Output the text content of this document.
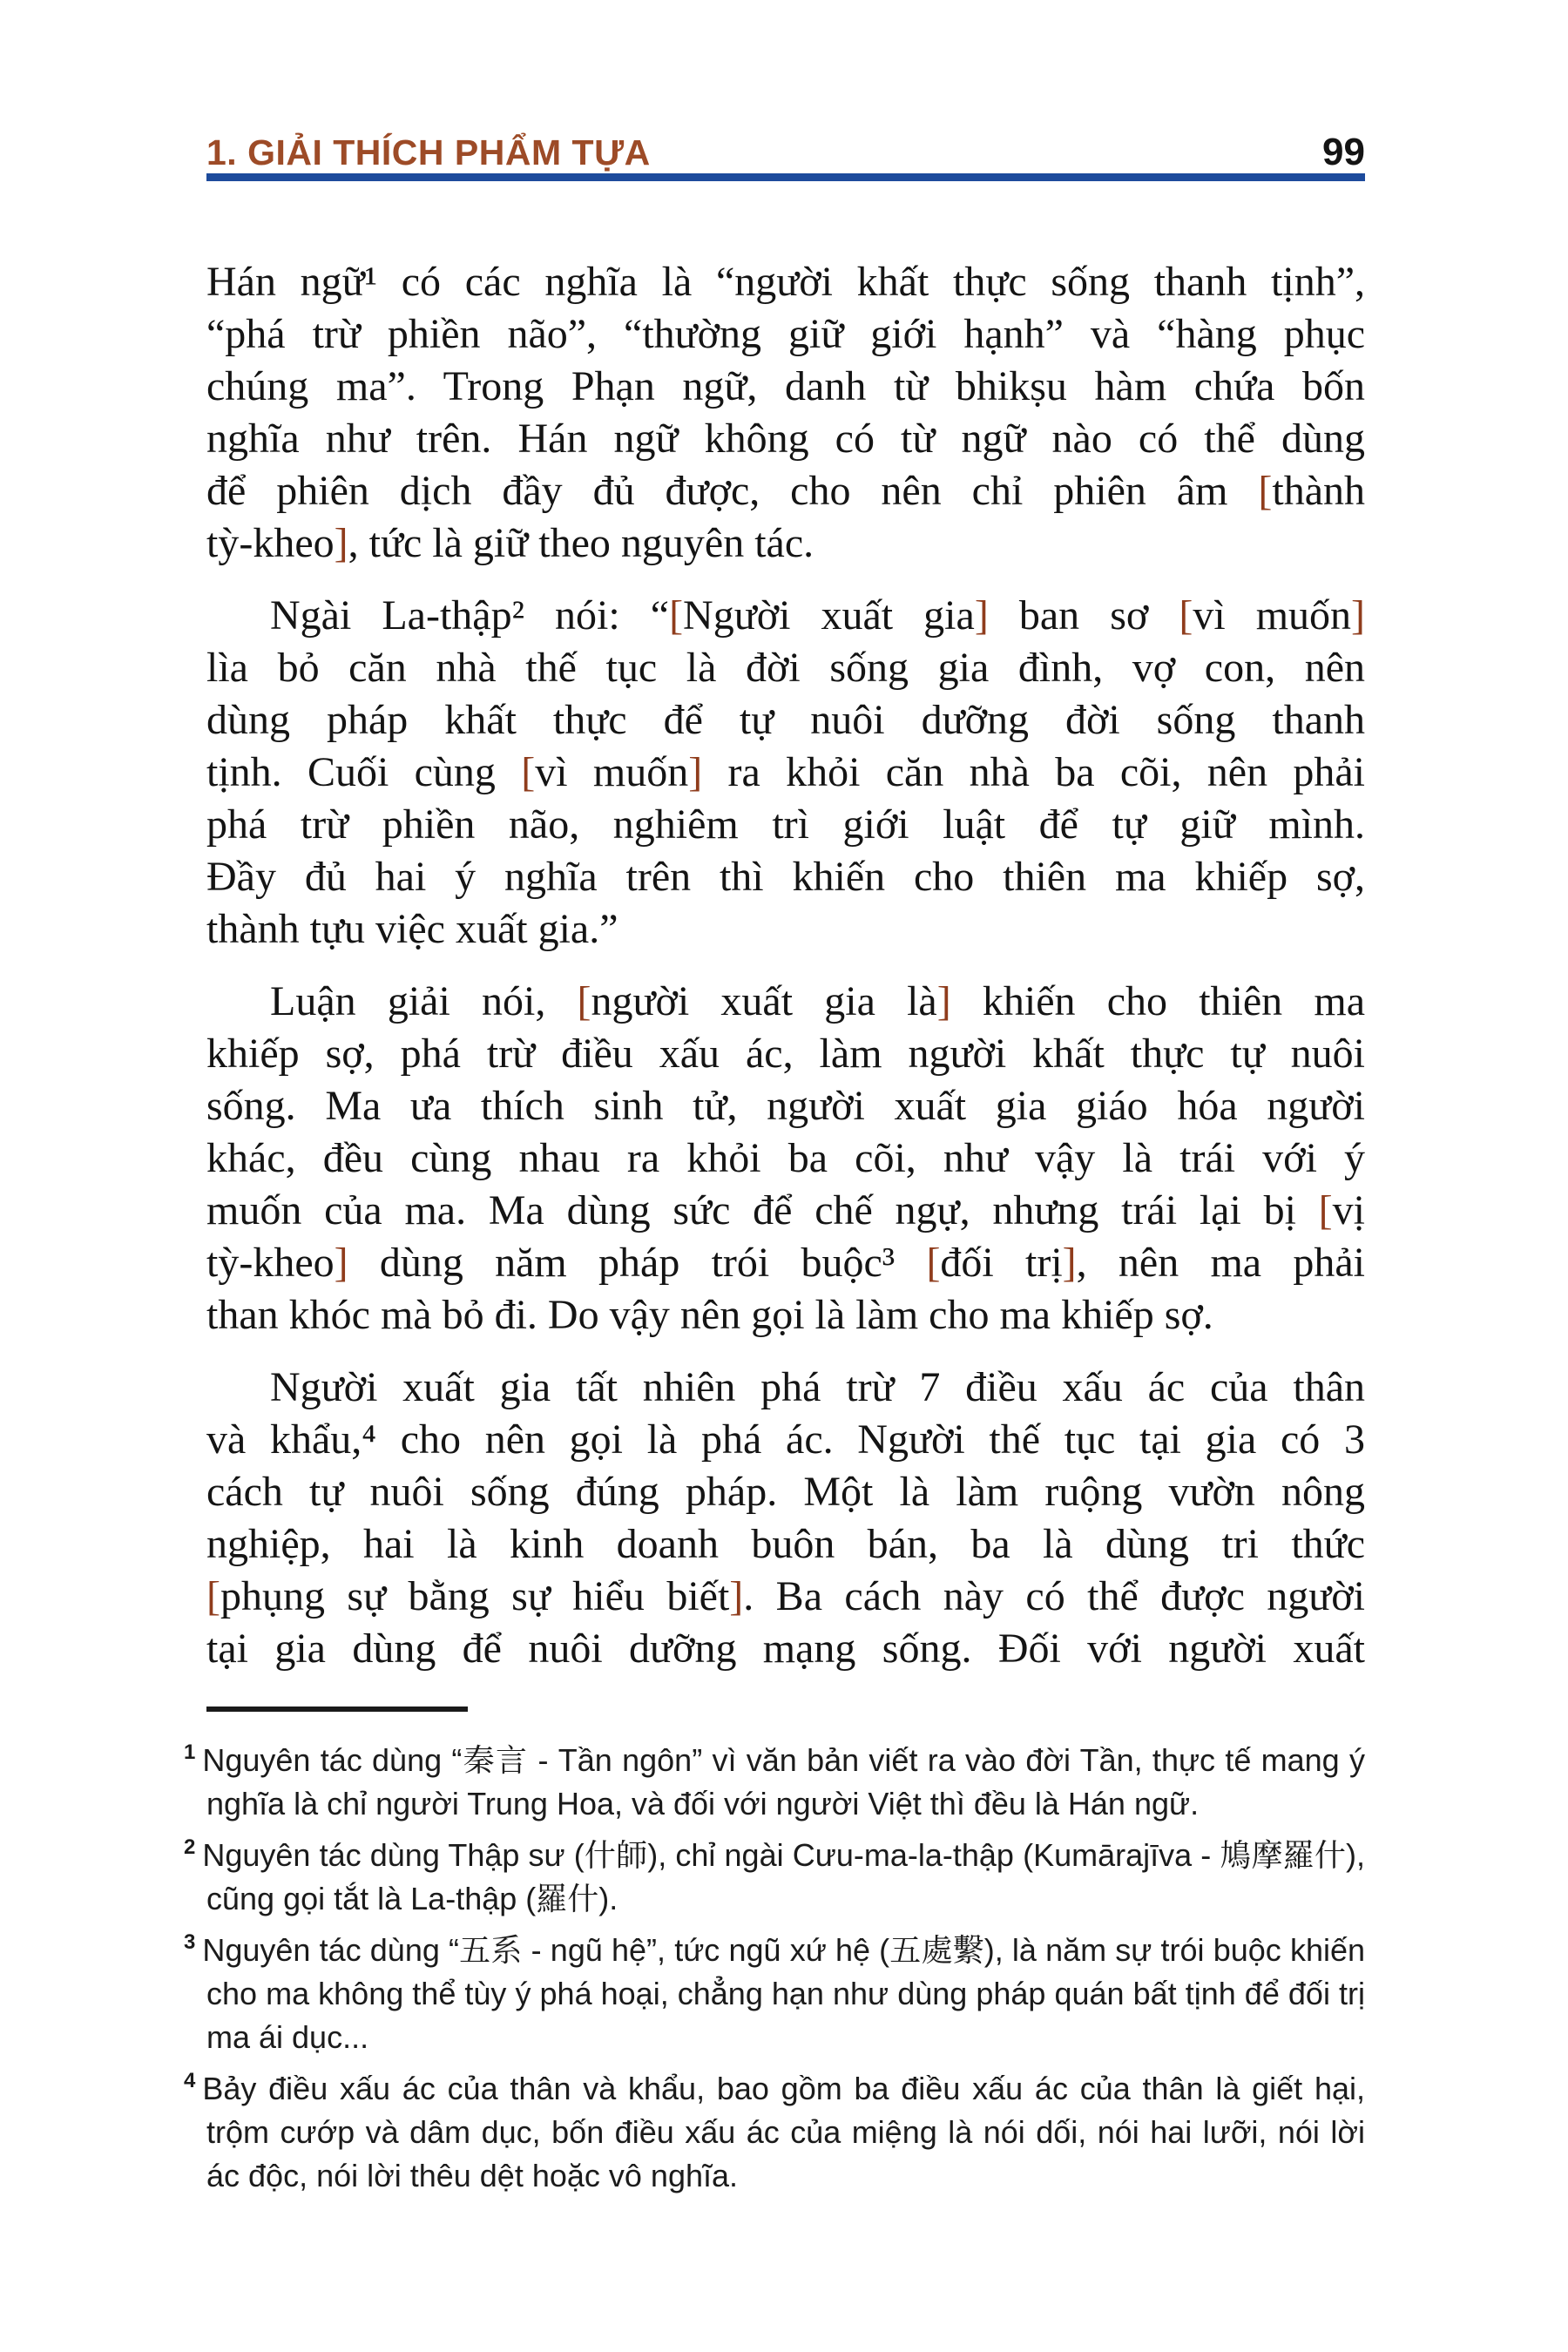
1. GIẢI THÍCH PHẨM TỰA	99
Hán ngữ¹ có các nghĩa là “người khất thực sống thanh tịnh”,
“phá trừ phiền não”, “thường giữ giới hạnh” và “hàng phục
chúng ma”. Trong Phạn ngữ, danh từ bhikṣu hàm chứa bốn
nghĩa như trên. Hán ngữ không có từ ngữ nào có thể dùng
để phiên dịch đầy đủ được, cho nên chỉ phiên âm [thành
tỳ-kheo], tức là giữ theo nguyên tác.
Ngài La-thập² nói: “[Người xuất gia] ban sơ [vì muốn]
lìa bỏ căn nhà thế tục là đời sống gia đình, vợ con, nên
dùng pháp khất thực để tự nuôi dưỡng đời sống thanh
tịnh. Cuối cùng [vì muốn] ra khỏi căn nhà ba cõi, nên phải
phá trừ phiền não, nghiêm trì giới luật để tự giữ mình.
Đầy đủ hai ý nghĩa trên thì khiến cho thiên ma khiếp sợ,
thành tựu việc xuất gia.”
Luận giải nói, [người xuất gia là] khiến cho thiên ma
khiếp sợ, phá trừ điều xấu ác, làm người khất thực tự nuôi
sống. Ma ưa thích sinh tử, người xuất gia giáo hóa người
khác, đều cùng nhau ra khỏi ba cõi, như vậy là trái với ý
muốn của ma. Ma dùng sức để chế ngự, nhưng trái lại bị [vị
tỳ-kheo] dùng năm pháp trói buộc³ [đối trị], nên ma phải
than khóc mà bỏ đi. Do vậy nên gọi là làm cho ma khiếp sợ.
Người xuất gia tất nhiên phá trừ 7 điều xấu ác của thân
và khẩu,⁴ cho nên gọi là phá ác. Người thế tục tại gia có 3
cách tự nuôi sống đúng pháp. Một là làm ruộng vườn nông
nghiệp, hai là kinh doanh buôn bán, ba là dùng tri thức
[phụng sự bằng sự hiểu biết]. Ba cách này có thể được người
tại gia dùng để nuôi dưỡng mạng sống. Đối với người xuất

1 Nguyên tác dùng “秦言 - Tần ngôn” vì văn bản viết ra vào đời Tần, thực tế mang ý nghĩa là chỉ người Trung Hoa, và đối với người Việt thì đều là Hán ngữ.

2 Nguyên tác dùng Thập sư (什師), chỉ ngài Cưu-ma-la-thập (Kumārajīva - 鳩摩羅什), cũng gọi tắt là La-thập (羅什).

3 Nguyên tác dùng “五系 - ngũ hệ”, tức ngũ xứ hệ (五處繫), là năm sự trói buộc khiến cho ma không thể tùy ý phá hoại, chẳng hạn như dùng pháp quán bất tịnh để đối trị ma ái dục...

4 Bảy điều xấu ác của thân và khẩu, bao gồm ba điều xấu ác của thân là giết hại, trộm cướp và dâm dục, bốn điều xấu ác của miệng là nói dối, nói hai lưỡi, nói lời ác độc, nói lời thêu dệt hoặc vô nghĩa.
